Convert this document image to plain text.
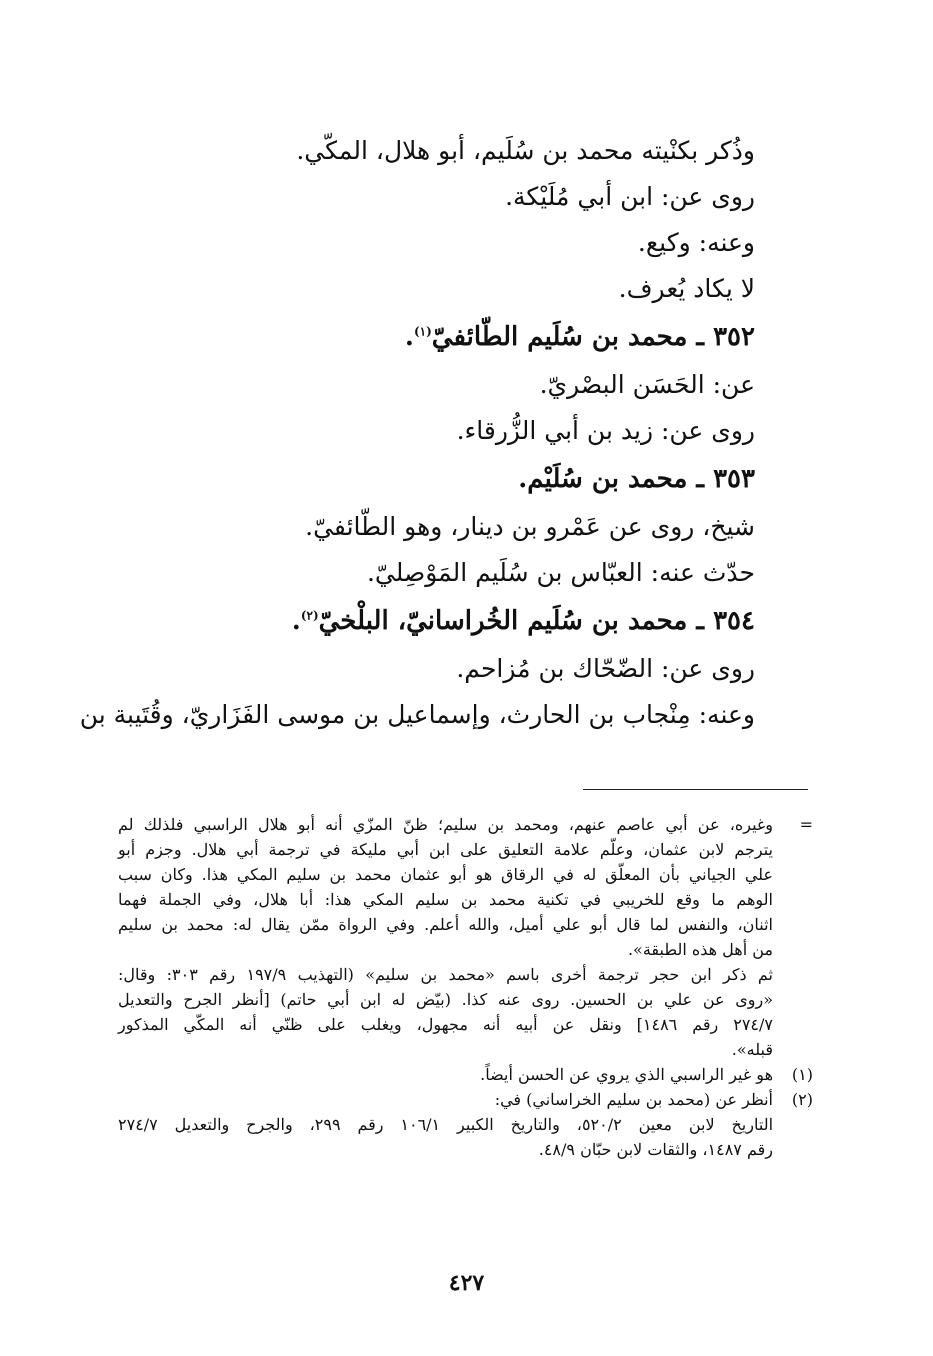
وذُكر بكنْيته محمد بن سُلَيم، أبو هلال، المكّي.
روى عن: ابن أبي مُلَيْكة.
وعنه: وكيع.
لا يكاد يُعرف.
٣٥٢ ـ محمد بن سُلَيم الطّائفيّ$^{(١)}$.
عن: الحَسَن البصْريّ.
روى عن: زيد بن أبي الزُّرقاء.
٣٥٣ ـ محمد بن سُلَيْم.
شيخ، روى عن عَمْرو بن دينار، وهو الطّائفيّ.
حدّث عنه: العبّاس بن سُلَيم المَوْصِليّ.
٣٥٤ ـ محمد بن سُلَيم الخُراسانيّ، البلْخيّ$^{(٢)}$.
روى عن: الضّحّاك بن مُزاحم.
وعنه: مِنْجاب بن الحارث، وإسماعيل بن موسى الفَزَاريّ، وقُتَيبة بن
=
وغيره، عن أبي عاصم عنهم، ومحمد بن سليم؛ ظنّ المزّي أنه أبو هلال الراسبي فلذلك لم
يترجم لابن عثمان، وعلّم علامة التعليق على ابن أبي مليكة في ترجمة أبي هلال. وجزم أبو
علي الجياني بأن المعلّق له في الرقاق هو أبو عثمان محمد بن سليم المكي هذا. وكان سبب
الوهم ما وقع للخريبي في تكنية محمد بن سليم المكي هذا: أبا هلال، وفي الجملة فهما
اثنان، والنفس لما قال أبو علي أميل، والله أعلم. وفي الرواة ممّن يقال له: محمد بن سليم
من أهل هذه الطبقة».
ثم ذكر ابن حجر ترجمة أخرى باسم «محمد بن سليم» (التهذيب ١٩٧/٩ رقم ٣٠٣: وقال:
«روى عن علي بن الحسين. روى عنه كذا. (بيّض له ابن أبي حاتم) [أنظر الجرح والتعديل
٢٧٤/٧ رقم ١٤٨٦] ونقل عن أبيه أنه مجهول، ويغلب على ظنّي أنه المكّي المذكور
قبله».
(١)
هو غير الراسبي الذي يروي عن الحسن أيضاً.
(٢)
أنظر عن (محمد بن سليم الخراساني) في:
التاريخ لابن معين ٥٢٠/٢، والتاريخ الكبير ١٠٦/١ رقم ٢٩٩، والجرح والتعديل ٢٧٤/٧
رقم ١٤٨٧، والثقات لابن حبّان ٤٨/٩.
٤٢٧
